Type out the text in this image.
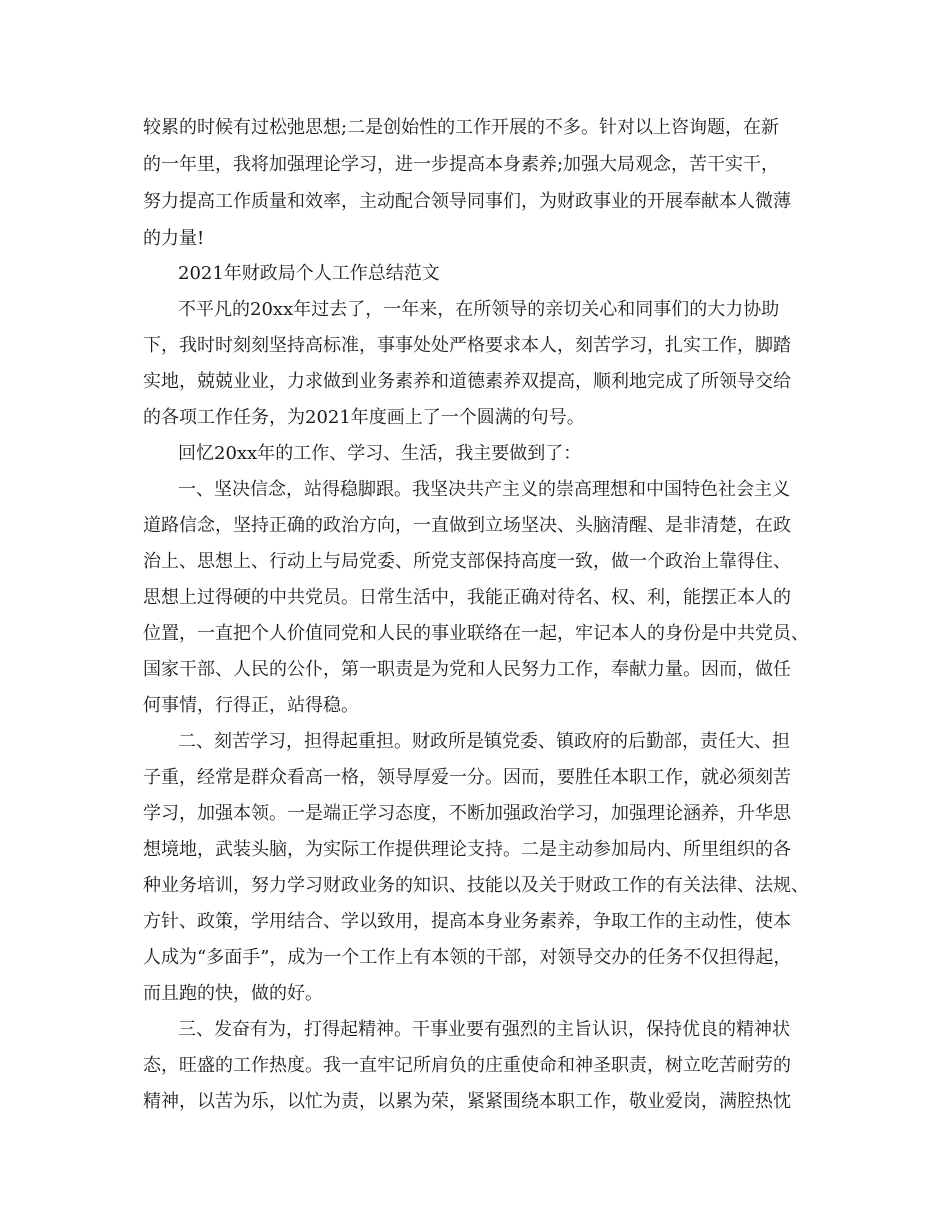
较累的时候有过松弛思想;二是创始性的工作开展的不多。针对以上咨询题，在新
的一年里，我将加强理论学习，进一步提高本身素养;加强大局观念，苦干实干，
努力提高工作质量和效率，主动配合领导同事们，为财政事业的开展奉献本人微薄
的力量!
2021年财政局个人工作总结范文
不平凡的20xx年过去了，一年来，在所领导的亲切关心和同事们的大力协助
下，我时时刻刻坚持高标准，事事处处严格要求本人，刻苦学习，扎实工作，脚踏
实地，兢兢业业，力求做到业务素养和道德素养双提高，顺利地完成了所领导交给
的各项工作任务，为2021年度画上了一个圆满的句号。
回忆20xx年的工作、学习、生活，我主要做到了：
一、坚决信念，站得稳脚跟。我坚决共产主义的崇高理想和中国特色社会主义
道路信念，坚持正确的政治方向，一直做到立场坚决、头脑清醒、是非清楚，在政
治上、思想上、行动上与局党委、所党支部保持高度一致，做一个政治上靠得住、
思想上过得硬的中共党员。日常生活中，我能正确对待名、权、利，能摆正本人的
位置，一直把个人价值同党和人民的事业联络在一起，牢记本人的身份是中共党员、
国家干部、人民的公仆，第一职责是为党和人民努力工作，奉献力量。因而，做任
何事情，行得正，站得稳。
二、刻苦学习，担得起重担。财政所是镇党委、镇政府的后勤部，责任大、担
子重，经常是群众看高一格，领导厚爱一分。因而，要胜任本职工作，就必须刻苦
学习，加强本领。一是端正学习态度，不断加强政治学习，加强理论涵养，升华思
想境地，武装头脑，为实际工作提供理论支持。二是主动参加局内、所里组织的各
种业务培训，努力学习财政业务的知识、技能以及关于财政工作的有关法律、法规、
方针、政策，学用结合、学以致用，提高本身业务素养，争取工作的主动性，使本
人成为“多面手”，成为一个工作上有本领的干部，对领导交办的任务不仅担得起，
而且跑的快，做的好。
三、发奋有为，打得起精神。干事业要有强烈的主旨认识，保持优良的精神状
态，旺盛的工作热度。我一直牢记所肩负的庄重使命和神圣职责，树立吃苦耐劳的
精神，以苦为乐，以忙为责，以累为荣，紧紧围绕本职工作，敬业爱岗，满腔热忱
